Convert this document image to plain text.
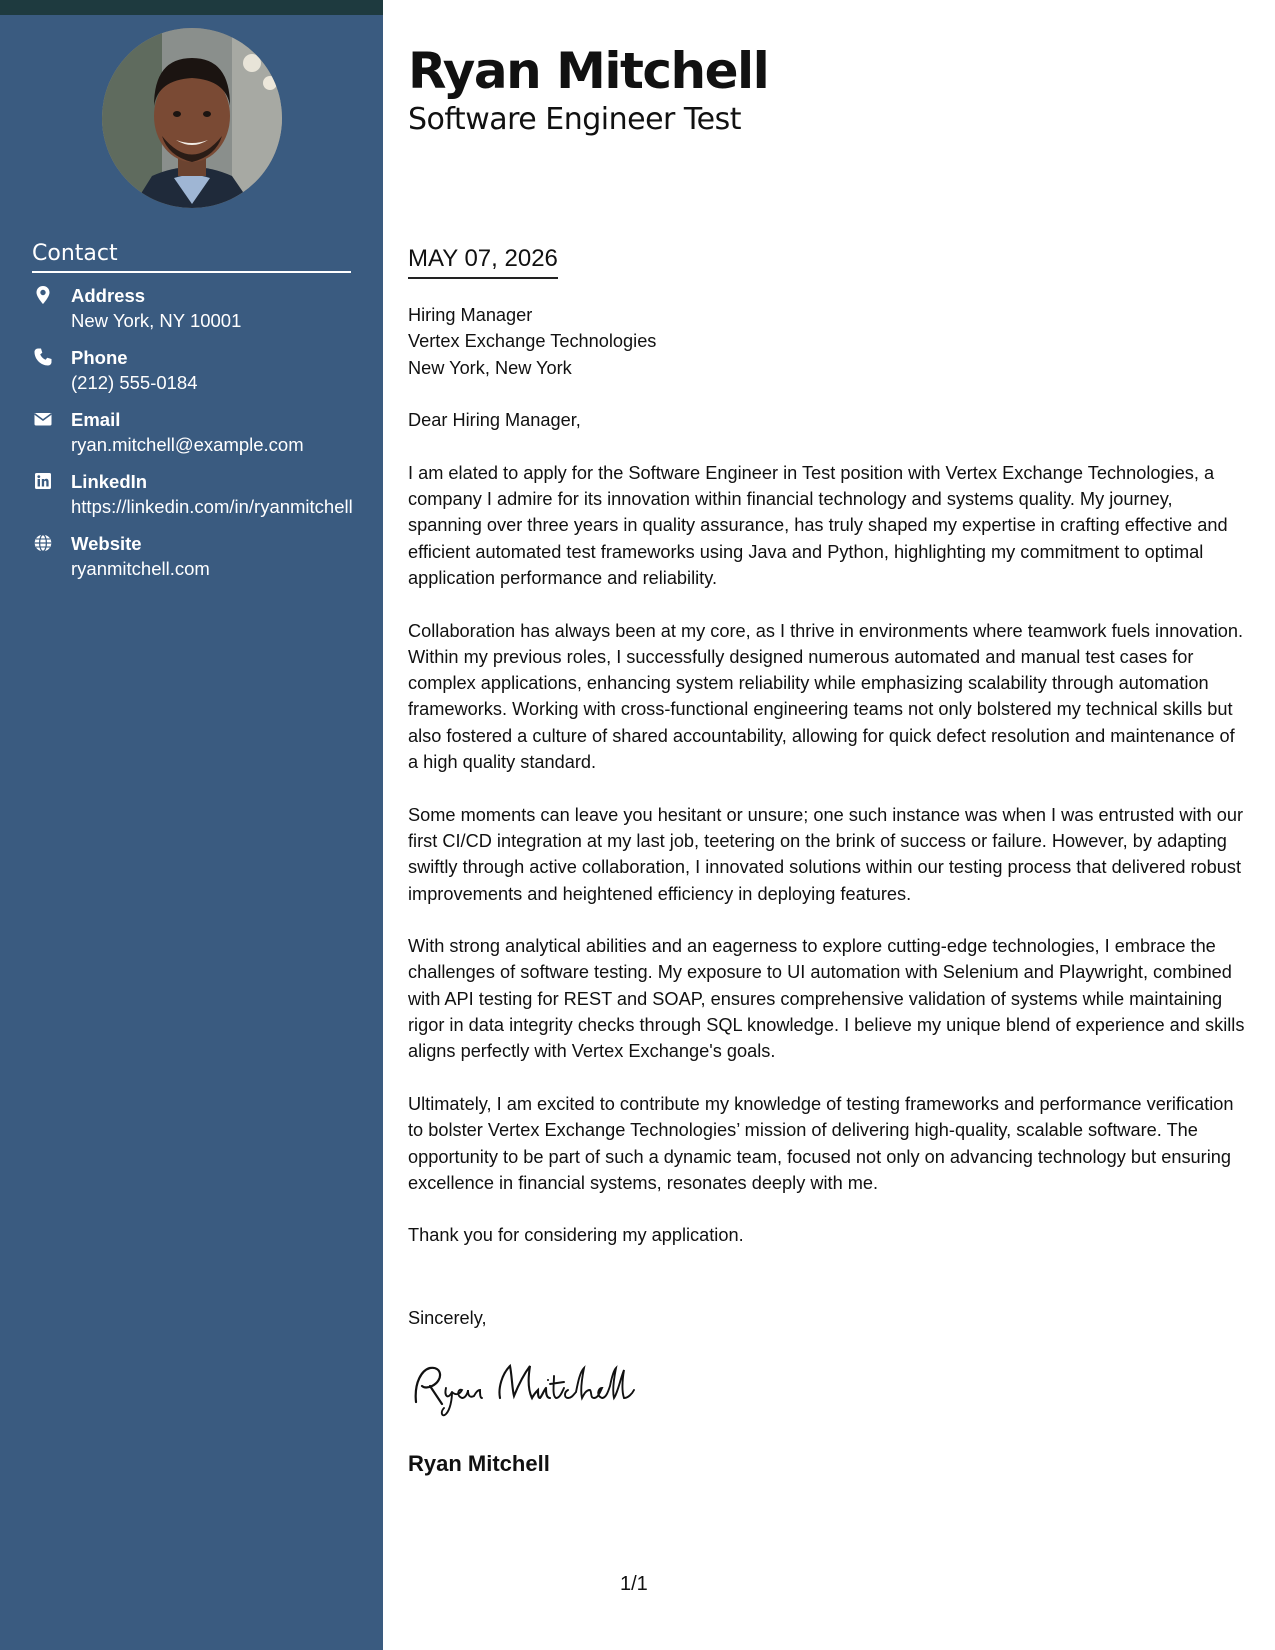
Contact
Address
New York, NY 10001
Phone
(212) 555-0184
Email
ryan.mitchell@example.com
LinkedIn
https://linkedin.com/in/ryanmitchell
Website
ryanmitchell.com
Ryan Mitchell
Software Engineer Test
MAY 07, 2026

Hiring Manager
Vertex Exchange Technologies
New York, New York

Dear Hiring Manager,

I am elated to apply for the Software Engineer in Test position with Vertex Exchange Technologies, a company I admire for its innovation within financial technology and systems quality. My journey, spanning over three years in quality assurance, has truly shaped my expertise in crafting effective and efficient automated test frameworks using Java and Python, highlighting my commitment to optimal application performance and reliability.

Collaboration has always been at my core, as I thrive in environments where teamwork fuels innovation. Within my previous roles, I successfully designed numerous automated and manual test cases for complex applications, enhancing system reliability while emphasizing scalability through automation frameworks. Working with cross-functional engineering teams not only bolstered my technical skills but also fostered a culture of shared accountability, allowing for quick defect resolution and maintenance of a high quality standard.

Some moments can leave you hesitant or unsure; one such instance was when I was entrusted with our first CI/CD integration at my last job, teetering on the brink of success or failure. However, by adapting swiftly through active collaboration, I innovated solutions within our testing process that delivered robust improvements and heightened efficiency in deploying features.

With strong analytical abilities and an eagerness to explore cutting-edge technologies, I embrace the challenges of software testing. My exposure to UI automation with Selenium and Playwright, combined with API testing for REST and SOAP, ensures comprehensive validation of systems while maintaining rigor in data integrity checks through SQL knowledge. I believe my unique blend of experience and skills aligns perfectly with Vertex Exchange's goals.

Ultimately, I am excited to contribute my knowledge of testing frameworks and performance verification to bolster Vertex Exchange Technologies’ mission of delivering high-quality, scalable software. The opportunity to be part of such a dynamic team, focused not only on advancing technology but ensuring excellence in financial systems, resonates deeply with me.

Thank you for considering my application.

Sincerely,
Ryan Mitchell
1/1
